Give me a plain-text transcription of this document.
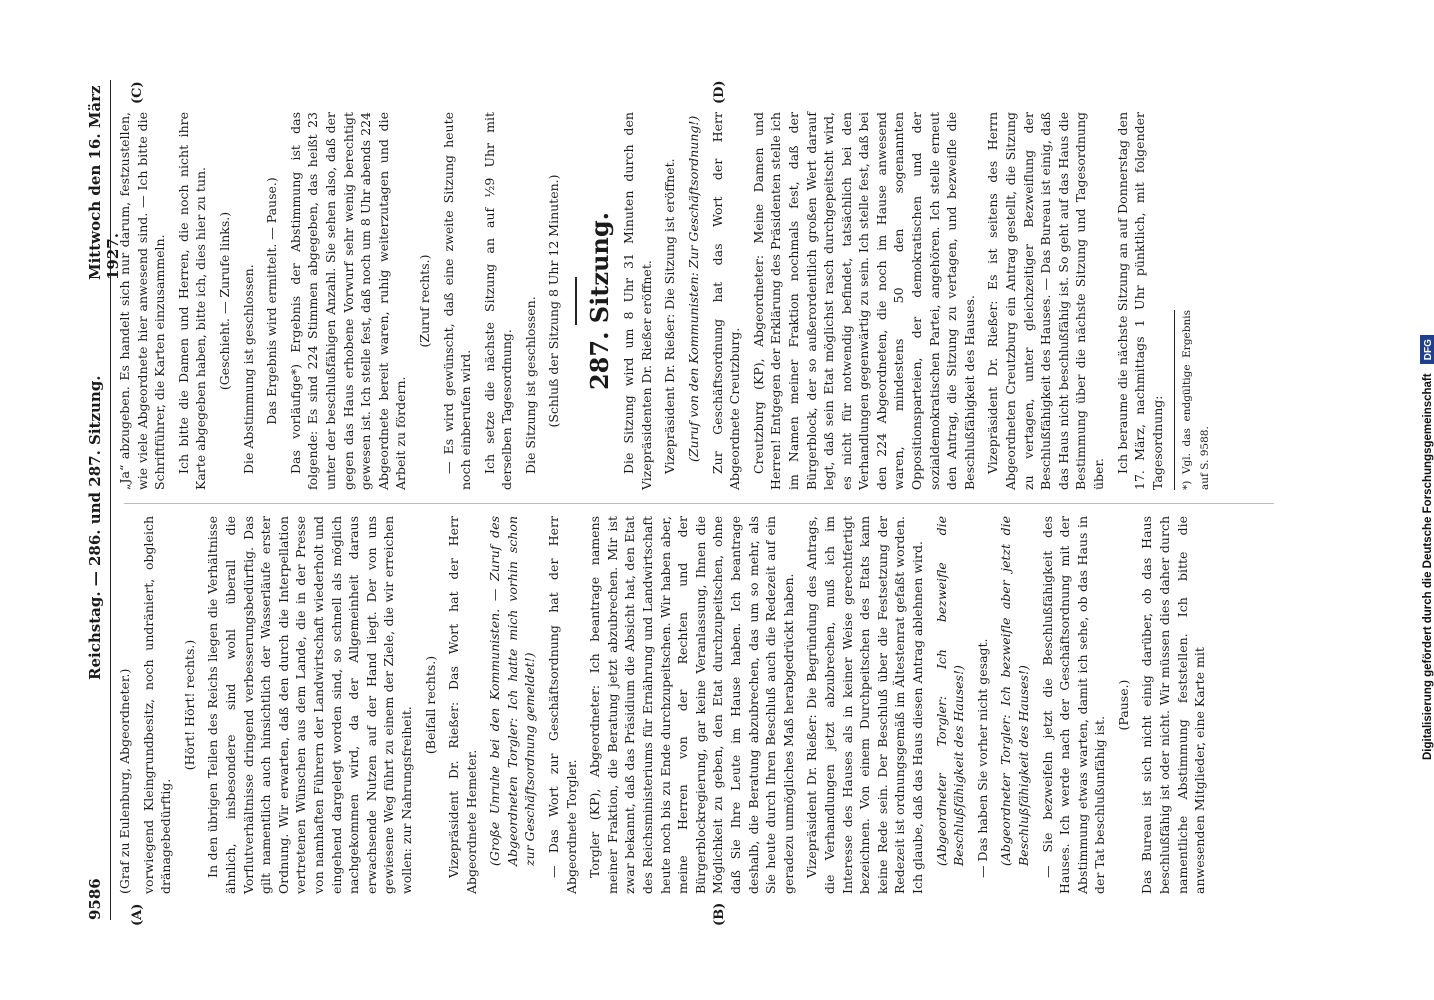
9586
Reichstag. — 286. und 287. Sitzung.
Mittwoch den 16. März 1927.
(A)	(B)
(C)	(D)

(Graf zu Eulenburg, Abgeordneter.) vorwiegend Kleingrundbesitz, noch undräniert, obgleich dränagebedürftig.

(Hört! Hört! rechts.) In den übrigen Teilen des Reichs liegen die Verhältnisse ähnlich, insbesondere sind wohl überall die Vorflutverhältnisse dringend verbesserungsbedürftig. Das gilt namentlich auch hinsichtlich der Wasserläufe erster Ordnung. Wir erwarten, daß den durch die Interpellation vertretenen Wünschen aus dem Lande, die in der Presse von namhaften Führern der Landwirtschaft wiederholt und eingehend dargelegt worden sind, so schnell als möglich nachgekommen wird, da der Allgemeinheit daraus erwachsende Nutzen auf der Hand liegt. Der von uns gewiesene Weg führt zu einem der Ziele, die wir erreichen wollen: zur Nahrungsfreiheit.

(Beifall rechts.) Vizepräsident Dr. Rießer: Das Wort hat der Herr Abgeordnete Hemeter. (Große Unruhe bei den Kommunisten. — Zuruf des Abgeordneten Torgler: Ich hatte mich vorhin schon zur Geschäftsordnung gemeldet!) — Das Wort zur Geschäftsordnung hat der Herr Abgeordnete Torgler. Torgler (KP), Abgeordneter: Ich beantrage namens meiner Fraktion, die Beratung jetzt abzubrechen. Mir ist zwar bekannt, daß das Präsidium die Absicht hat, den Etat des Reichsministeriums für Ernährung und Landwirtschaft heute noch bis zu Ende durchzupeitschen. Wir haben aber, meine Herren von der Rechten und der Bürgerblockregierung, gar keine Veranlassung, Ihnen die Möglichkeit zu geben, den Etat durchzupeitschen, ohne daß Sie Ihre Leute im Hause haben. Ich beantrage deshalb, die Beratung abzubrechen, das um so mehr, als Sie heute durch Ihren Beschluß auch die Redezeit auf ein geradezu unmögliches Maß herabgedrückt haben. Vizepräsident Dr. Rießer: Die Begründung des Antrags, die Verhandlungen jetzt abzubrechen, muß ich im Interesse des Hauses als in keiner Weise gerechtfertigt bezeichnen. Von einem Durchpeitschen des Etats kann keine Rede sein. Der Beschluß über die Festsetzung der Redezeit ist ordnungsgemäß im Ältestenrat gefaßt worden. Ich glaube, daß das Haus diesen Antrag ablehnen wird. (Abgeordneter Torgler: Ich bezweifle die Beschlußfähigkeit des Hauses!) — Das haben Sie vorher nicht gesagt. (Abgeordneter Torgler: Ich bezweifle aber jetzt die Beschlußfähigkeit des Hauses!) — Sie bezweifeln jetzt die Beschlußfähigkeit des Hauses. Ich werde nach der Geschäftsordnung mit der Abstimmung etwas warten, damit ich sehe, ob das Haus in der Tat beschlußunfähig ist.

(Pause.) Das Bureau ist sich nicht einig darüber, ob das Haus beschlußfähig ist oder nicht. Wir müssen dies daher durch namentliche Abstimmung feststellen. Ich bitte die anwesenden Mitglieder, eine Karte mit

„Ja“ abzugeben. Es handelt sich nur darum, festzustellen, wie viele Abgeordnete hier anwesend sind. — Ich bitte die Schriftführer, die Karten einzusammeln. Ich bitte die Damen und Herren, die noch nicht ihre Karte abgegeben haben, bitte ich, dies hier zu tun. (Geschieht. — Zurufe links.) Die Abstimmung ist geschlossen. Das Ergebnis wird ermittelt. — Pause.) Das vorläufige*) Ergebnis der Abstimmung ist das folgende: Es sind 224 Stimmen abgegeben, das heißt 23 unter der beschlußfähigen Anzahl. Sie sehen also, daß der gegen das Haus erhobene Vorwurf sehr wenig berechtigt gewesen ist. Ich stelle fest, daß noch um 8 Uhr abends 224 Abgeordnete bereit waren, ruhig weiterzutagen und die Arbeit zu fördern.

(Zuruf rechts.) — Es wird gewünscht, daß eine zweite Sitzung heute noch einberufen wird. Ich setze die nächste Sitzung an auf ½9 Uhr mit derselben Tagesordnung. Die Sitzung ist geschlossen. (Schluß der Sitzung 8 Uhr 12 Minuten.) 287. Sitzung. Die Sitzung wird um 8 Uhr 31 Minuten durch den Vizepräsidenten Dr. Rießer eröffnet. Vizepräsident Dr. Rießer: Die Sitzung ist eröffnet. (Zuruf von den Kommunisten: Zur Geschäftsordnung!) Zur Geschäftsordnung hat das Wort der Herr Abgeordnete Creutzburg. Creutzburg (KP), Abgeordneter: Meine Damen und Herren! Entgegen der Erklärung des Präsidenten stelle ich im Namen meiner Fraktion nochmals fest, daß der Bürgerblock, der so außerordentlich großen Wert darauf legt, daß sein Etat möglichst rasch durchgepeitscht wird, es nicht für notwendig befindet, tatsächlich bei den Verhandlungen gegenwärtig zu sein. Ich stelle fest, daß bei den 224 Abgeordneten, die noch im Hause anwesend waren, mindestens 50 den sogenannten Oppositionsparteien, der demokratischen und der sozialdemokratischen Partei, angehören. Ich stelle erneut den Antrag, die Sitzung zu vertagen, und bezweifle die Beschlußfähigkeit des Hauses. Vizepräsident Dr. Rießer: Es ist seitens des Herrn Abgeordneten Creutzburg ein Antrag gestellt, die Sitzung zu vertagen, unter gleichzeitiger Bezweiflung der Beschlußfähigkeit des Hauses. — Das Bureau ist einig, daß das Haus nicht beschlußfähig ist. So geht auf das Haus die Bestimmung über die nächste Sitzung und Tagesordnung über. Ich beraume die nächste Sitzung an auf Donnerstag den 17. März, nachmittags 1 Uhr pünktlich, mit folgender Tagesordnung:	*) Vgl. das endgültige Ergebnis auf S. 9588.	Digitalisierung gefördert durch die Deutsche Forschungsgemeinschaft DFG
